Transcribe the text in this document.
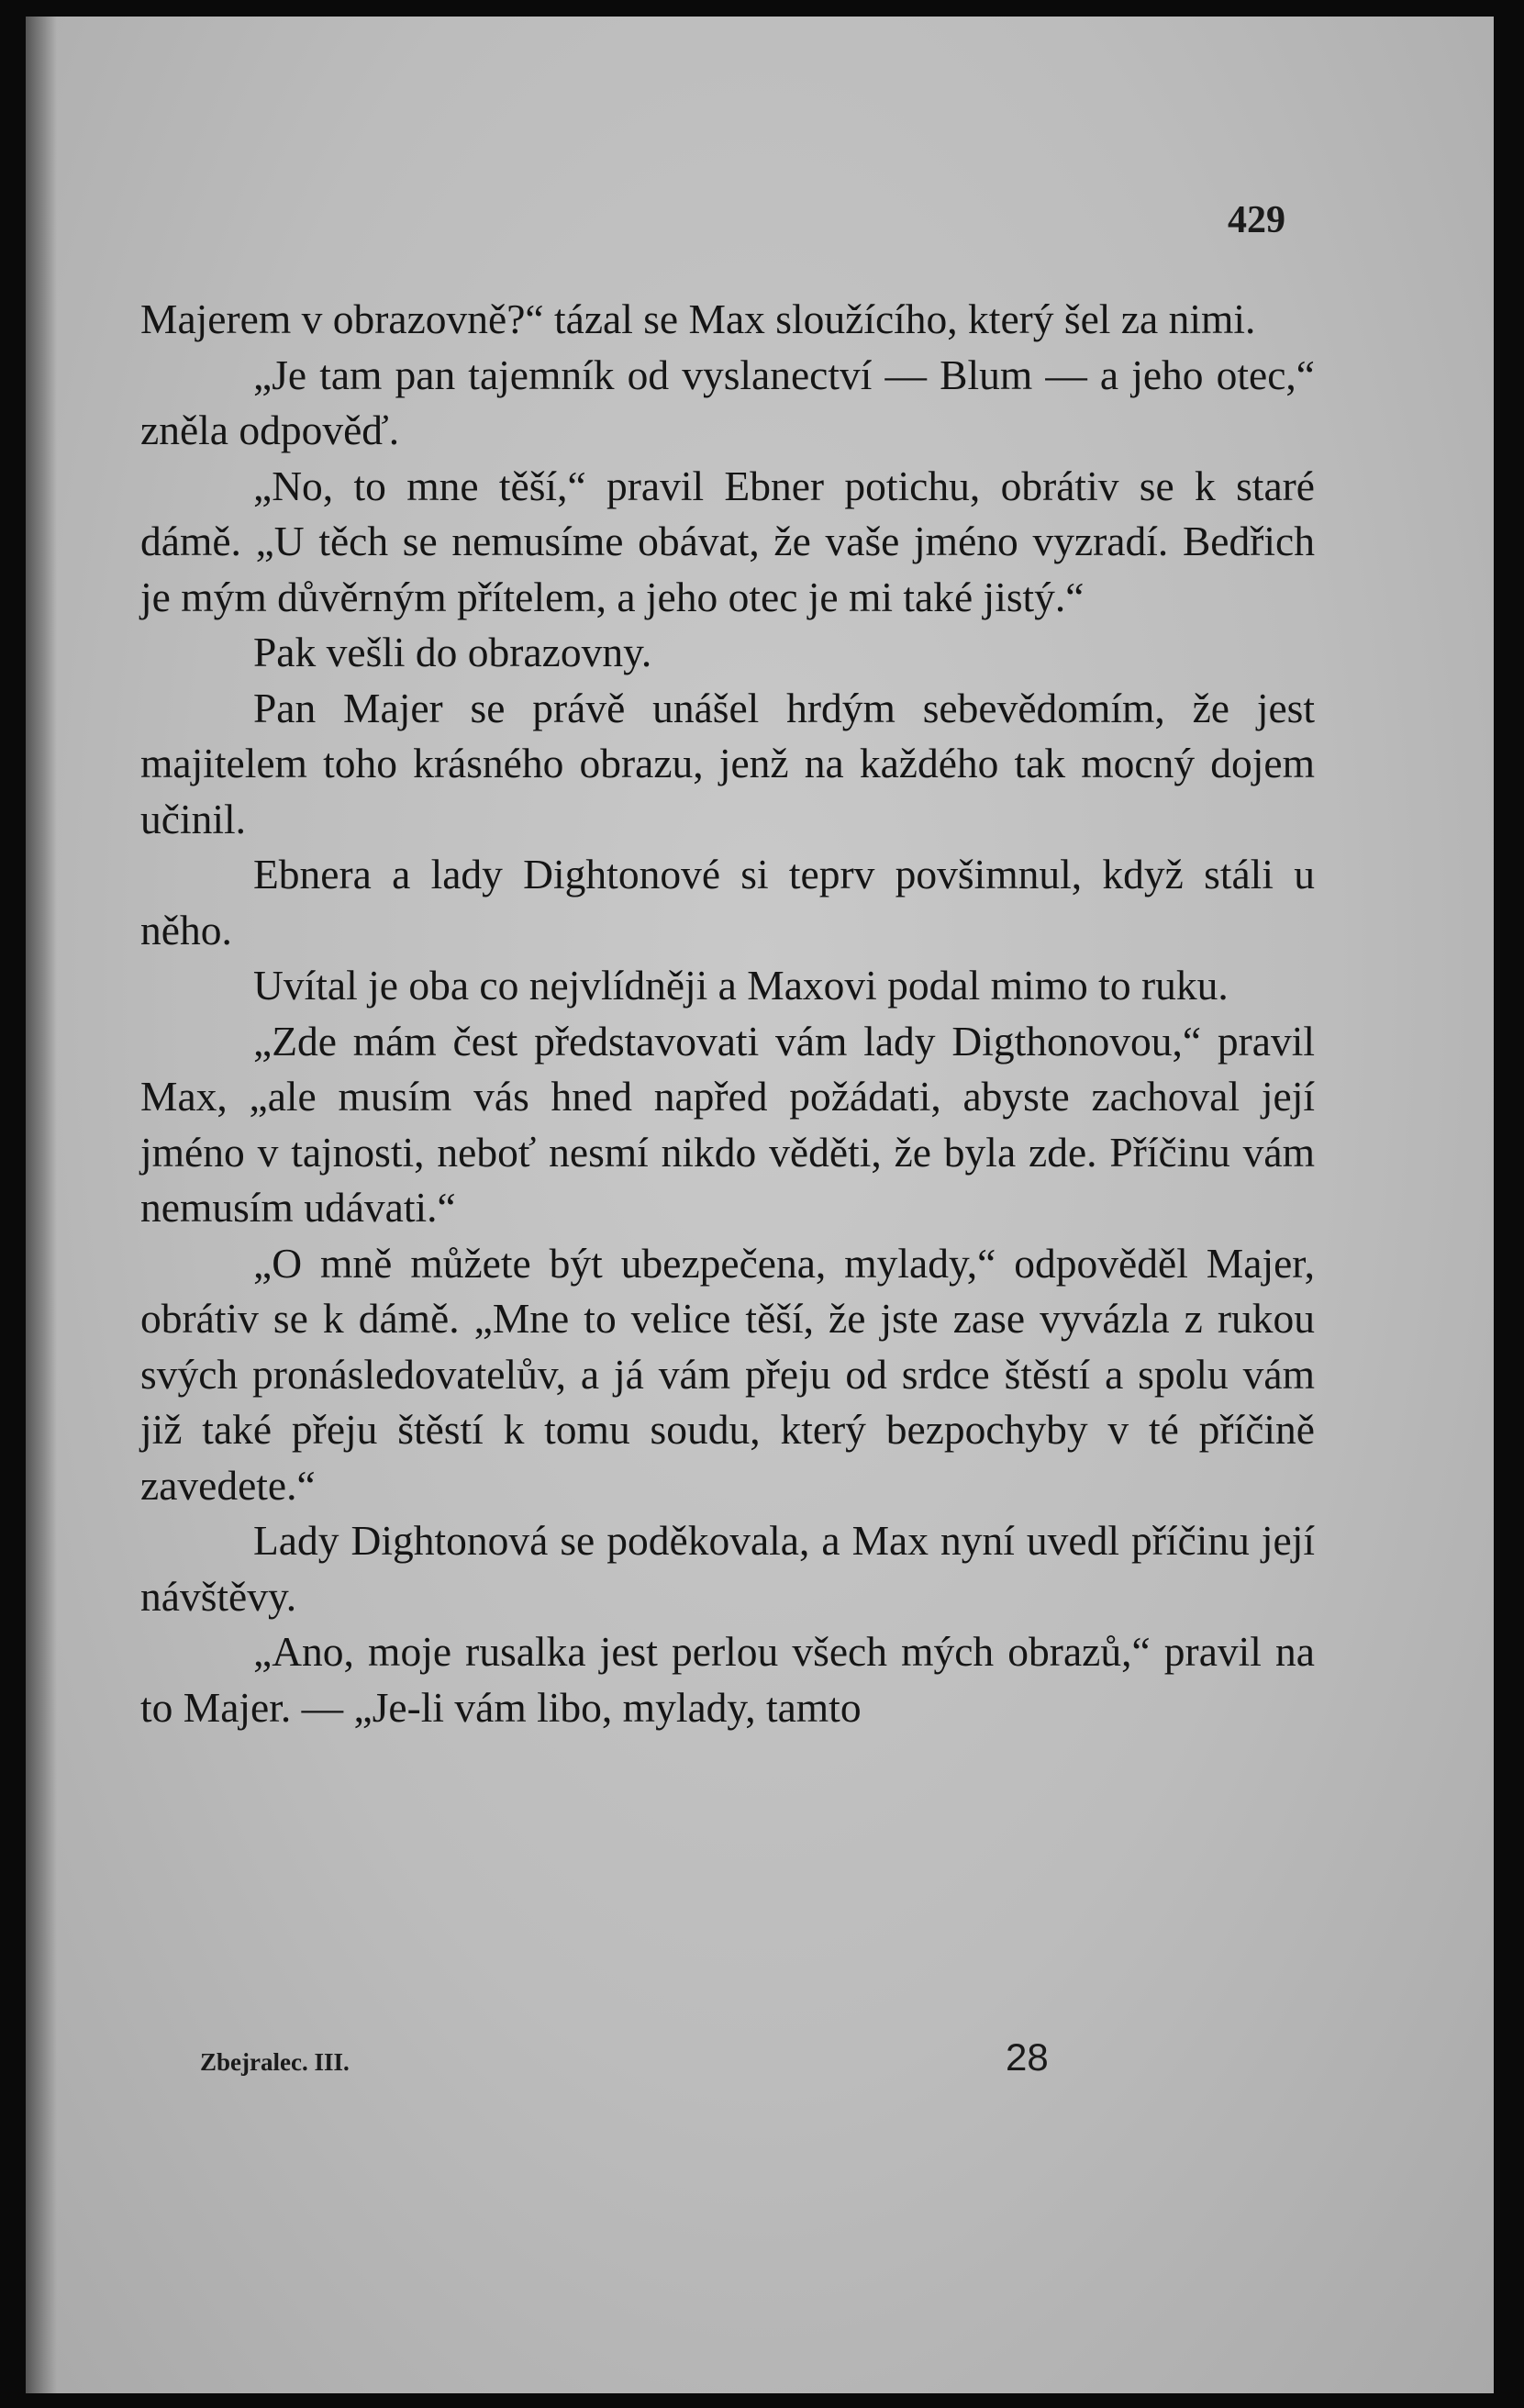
429

Majerem v obrazovně?“ tázal se Max sloužícího, který šel za nimi.

„Je tam pan tajemník od vyslanectví — Blum — a jeho otec,“ zněla odpověď.

„No, to mne těší,“ pravil Ebner potichu, obrátiv se k staré dámě. „U těch se nemusíme obávat, že vaše jméno vyzradí. Bedřich je mým důvěrným přítelem, a jeho otec je mi také jistý.“

Pak vešli do obrazovny.

Pan Majer se právě unášel hrdým sebevědomím, že jest majitelem toho krásného obrazu, jenž na každého tak mocný dojem učinil.

Ebnera a lady Dightonové si teprv povšimnul, když stáli u něho.

Uvítal je oba co nejvlídněji a Maxovi podal mimo to ruku.

„Zde mám čest představovati vám lady Digthonovou,“ pravil Max, „ale musím vás hned napřed požádati, abyste zachoval její jméno v tajnosti, neboť nesmí nikdo věděti, že byla zde. Příčinu vám nemusím udávati.“

„O mně můžete být ubezpečena, mylady,“ odpověděl Majer, obrátiv se k dámě. „Mne to velice těší, že jste zase vyvázla z rukou svých pronásledovatelův, a já vám přeju od srdce štěstí a spolu vám již také přeju štěstí k tomu soudu, který bezpochyby v té příčině zavedete.“

Lady Dightonová se poděkovala, a Max nyní uvedl příčinu její návštěvy.

„Ano, moje rusalka jest perlou všech mých obrazů,“ pravil na to Majer. — „Je-li vám libo, mylady, tamto

Zbejralec. III.	28
